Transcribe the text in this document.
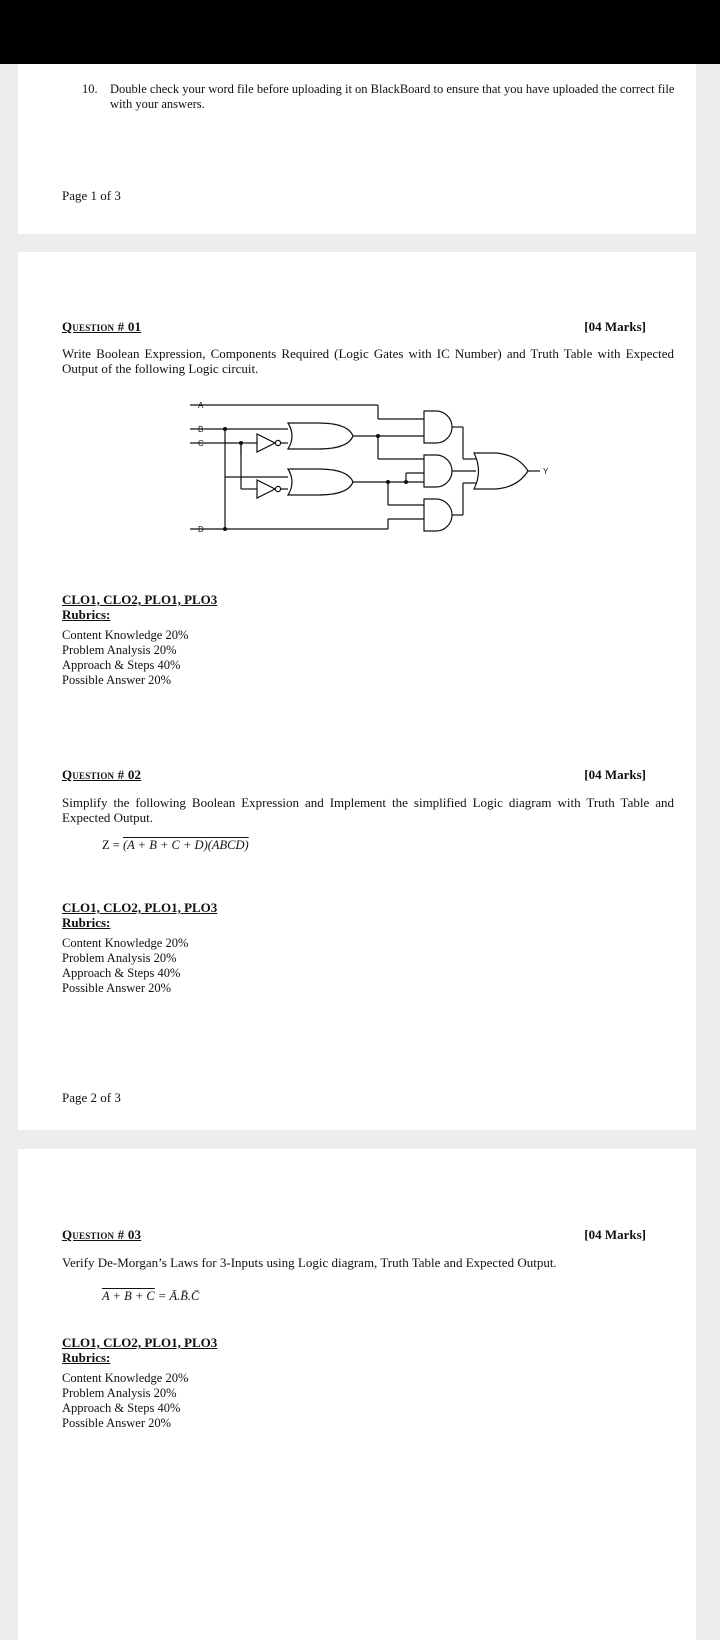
10. Double check your word file before uploading it on BlackBoard to ensure that you have uploaded the correct file with your answers.
Page 1 of 3
Question # 01	[04 Marks]
Write Boolean Expression, Components Required (Logic Gates with IC Number) and Truth Table with Expected Output of the following Logic circuit.
A
B
C
D
Y
CLO1, CLO2, PLO1, PLO3
Rubrics:
Content Knowledge 20%
Problem Analysis 20%
Approach & Steps 40%
Possible Answer 20%
Question # 02	[04 Marks]
Simplify the following Boolean Expression and Implement the simplified Logic diagram with Truth Table and Expected Output.
Z = (A + B + C + D)(ABCD)
CLO1, CLO2, PLO1, PLO3
Rubrics:
Content Knowledge 20%
Problem Analysis 20%
Approach & Steps 40%
Possible Answer 20%
Page 2 of 3
Question # 03	[04 Marks]
Verify De-Morgan’s Laws for 3-Inputs using Logic diagram, Truth Table and Expected Output.
A + B + C = Ā.B̄.C̄
CLO1, CLO2, PLO1, PLO3
Rubrics:
Content Knowledge 20%
Problem Analysis 20%
Approach & Steps 40%
Possible Answer 20%
